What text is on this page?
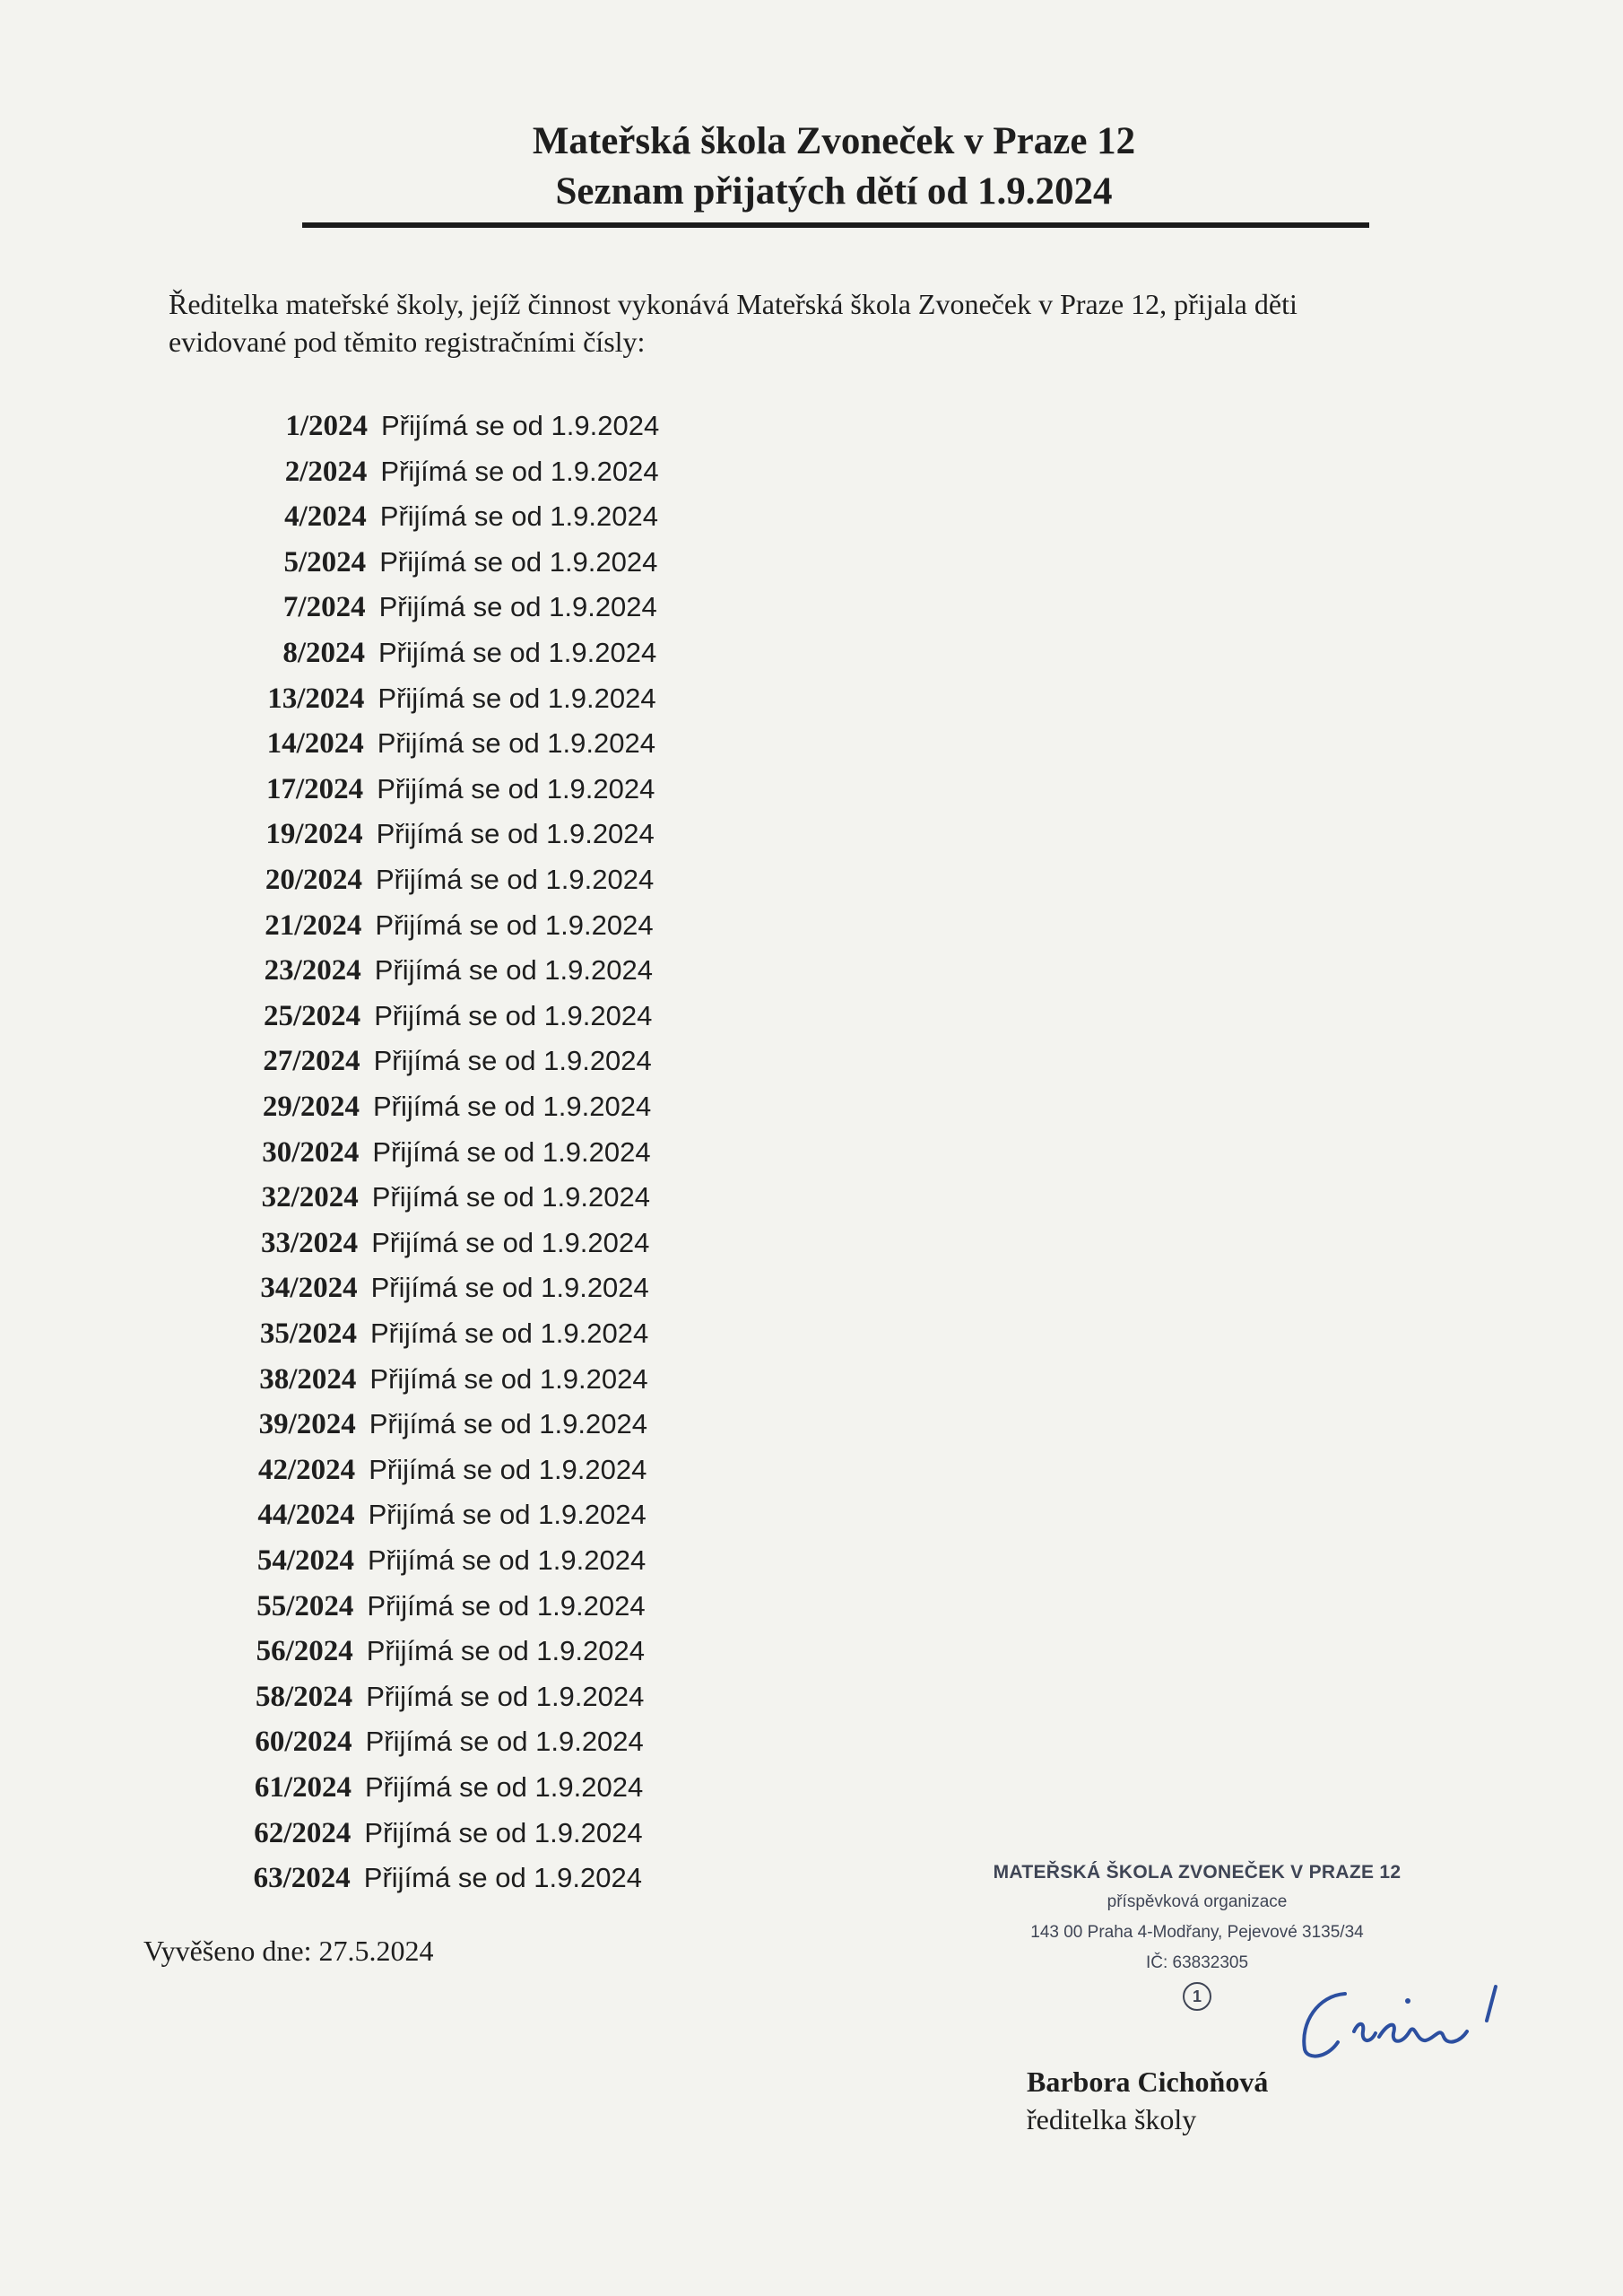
Mateřská škola Zvoneček v Praze 12
Seznam přijatých dětí od 1.9.2024
Ředitelka mateřské školy, jejíž činnost vykonává Mateřská škola Zvoneček v Praze 12, přijala děti
evidované pod těmito registračními čísly:
1/2024 Přijímá se od 1.9.2024
2/2024 Přijímá se od 1.9.2024
4/2024 Přijímá se od 1.9.2024
5/2024 Přijímá se od 1.9.2024
7/2024 Přijímá se od 1.9.2024
8/2024 Přijímá se od 1.9.2024
13/2024 Přijímá se od 1.9.2024
14/2024 Přijímá se od 1.9.2024
17/2024 Přijímá se od 1.9.2024
19/2024 Přijímá se od 1.9.2024
20/2024 Přijímá se od 1.9.2024
21/2024 Přijímá se od 1.9.2024
23/2024 Přijímá se od 1.9.2024
25/2024 Přijímá se od 1.9.2024
27/2024 Přijímá se od 1.9.2024
29/2024 Přijímá se od 1.9.2024
30/2024 Přijímá se od 1.9.2024
32/2024 Přijímá se od 1.9.2024
33/2024 Přijímá se od 1.9.2024
34/2024 Přijímá se od 1.9.2024
35/2024 Přijímá se od 1.9.2024
38/2024 Přijímá se od 1.9.2024
39/2024 Přijímá se od 1.9.2024
42/2024 Přijímá se od 1.9.2024
44/2024 Přijímá se od 1.9.2024
54/2024 Přijímá se od 1.9.2024
55/2024 Přijímá se od 1.9.2024
56/2024 Přijímá se od 1.9.2024
58/2024 Přijímá se od 1.9.2024
60/2024 Přijímá se od 1.9.2024
61/2024 Přijímá se od 1.9.2024
62/2024 Přijímá se od 1.9.2024
63/2024 Přijímá se od 1.9.2024
Vyvěšeno dne: 27.5.2024
MATEŘSKÁ ŠKOLA ZVONEČEK V PRAZE 12
příspěvková organizace
143 00 Praha 4-Modřany, Pejevové 3135/34
IČ: 63832305
1
Barbora Cichoňová
ředitelka školy
